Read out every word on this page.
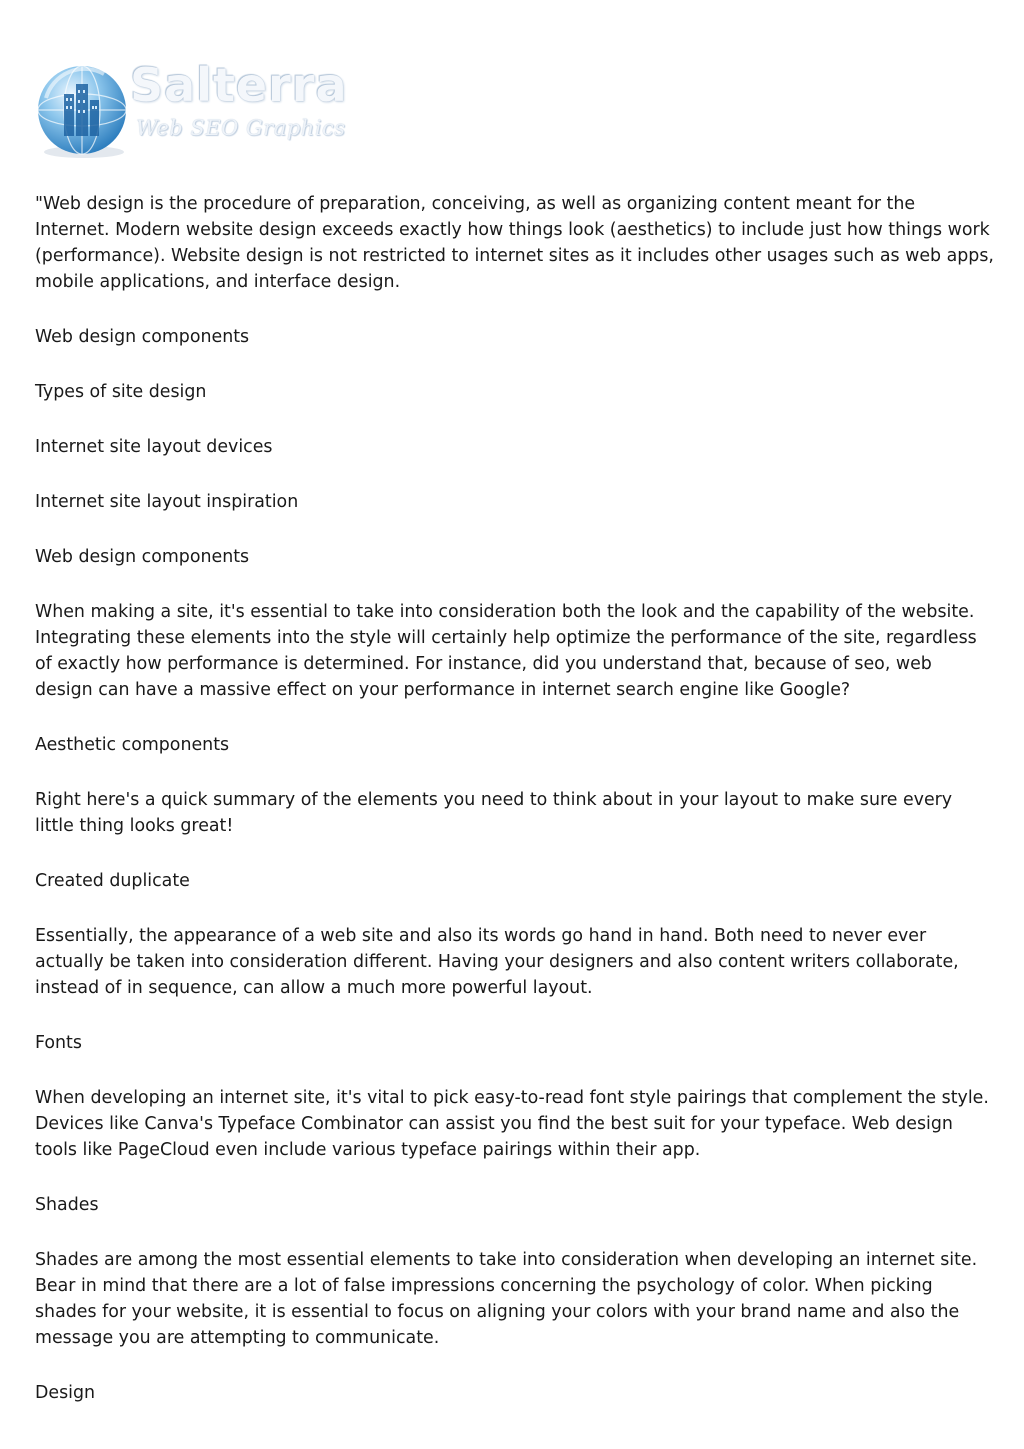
Salterra
Web SEO Graphics

"Web design is the procedure of preparation, conceiving, as well as organizing content meant for the Internet. Modern website design exceeds exactly how things look (aesthetics) to include just how things work (performance). Website design is not restricted to internet sites as it includes other usages such as web apps, mobile applications, and interface design.

Web design components

Types of site design

Internet site layout devices

Internet site layout inspiration

Web design components

When making a site, it's essential to take into consideration both the look and the capability of the website. Integrating these elements into the style will certainly help optimize the performance of the site, regardless of exactly how performance is determined. For instance, did you understand that, because of seo, web design can have a massive effect on your performance in internet search engine like Google?

Aesthetic components

Right here's a quick summary of the elements you need to think about in your layout to make sure every little thing looks great!

Created duplicate

Essentially, the appearance of a web site and also its words go hand in hand. Both need to never ever actually be taken into consideration different. Having your designers and also content writers collaborate, instead of in sequence, can allow a much more powerful layout.

Fonts

When developing an internet site, it's vital to pick easy-to-read font style pairings that complement the style. Devices like Canva's Typeface Combinator can assist you find the best suit for your typeface. Web design tools like PageCloud even include various typeface pairings within their app.

Shades

Shades are among the most essential elements to take into consideration when developing an internet site. Bear in mind that there are a lot of false impressions concerning the psychology of color. When picking shades for your website, it is essential to focus on aligning your colors with your brand name and also the message you are attempting to communicate.

Design
